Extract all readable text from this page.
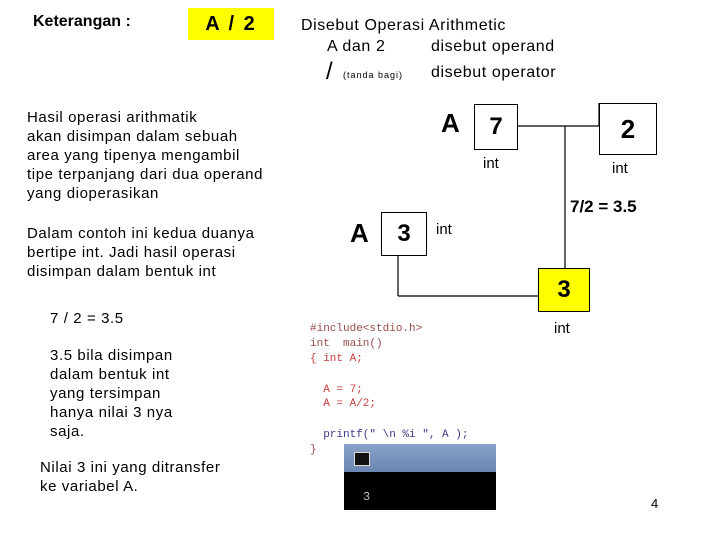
Keterangan :	A / 2	Disebut Operasi Arithmetic
A dan 2	disebut operand
/ (tanda bagi) disebut operator
Hasil operasi arithmatik
akan disimpan dalam sebuah
area yang tipenya mengambil
tipe terpanjang dari dua operand
yang dioperasikan
Dalam contoh ini kedua duanya
bertipe int. Jadi hasil operasi
disimpan dalam bentuk int
7 / 2 = 3.5
3.5 bila disimpan
dalam bentuk int
yang tersimpan
hanya nilai 3 nya
saja.
Nilai 3 ini yang ditransfer
ke variabel A.
A 7
int
2
int
7/2 = 3.5
A 3 int
3
int
#include<stdio.h>
int  main()
{ int A;
A = 7;
A = A/2;
printf(" \n %i ", A );
}
3	4
